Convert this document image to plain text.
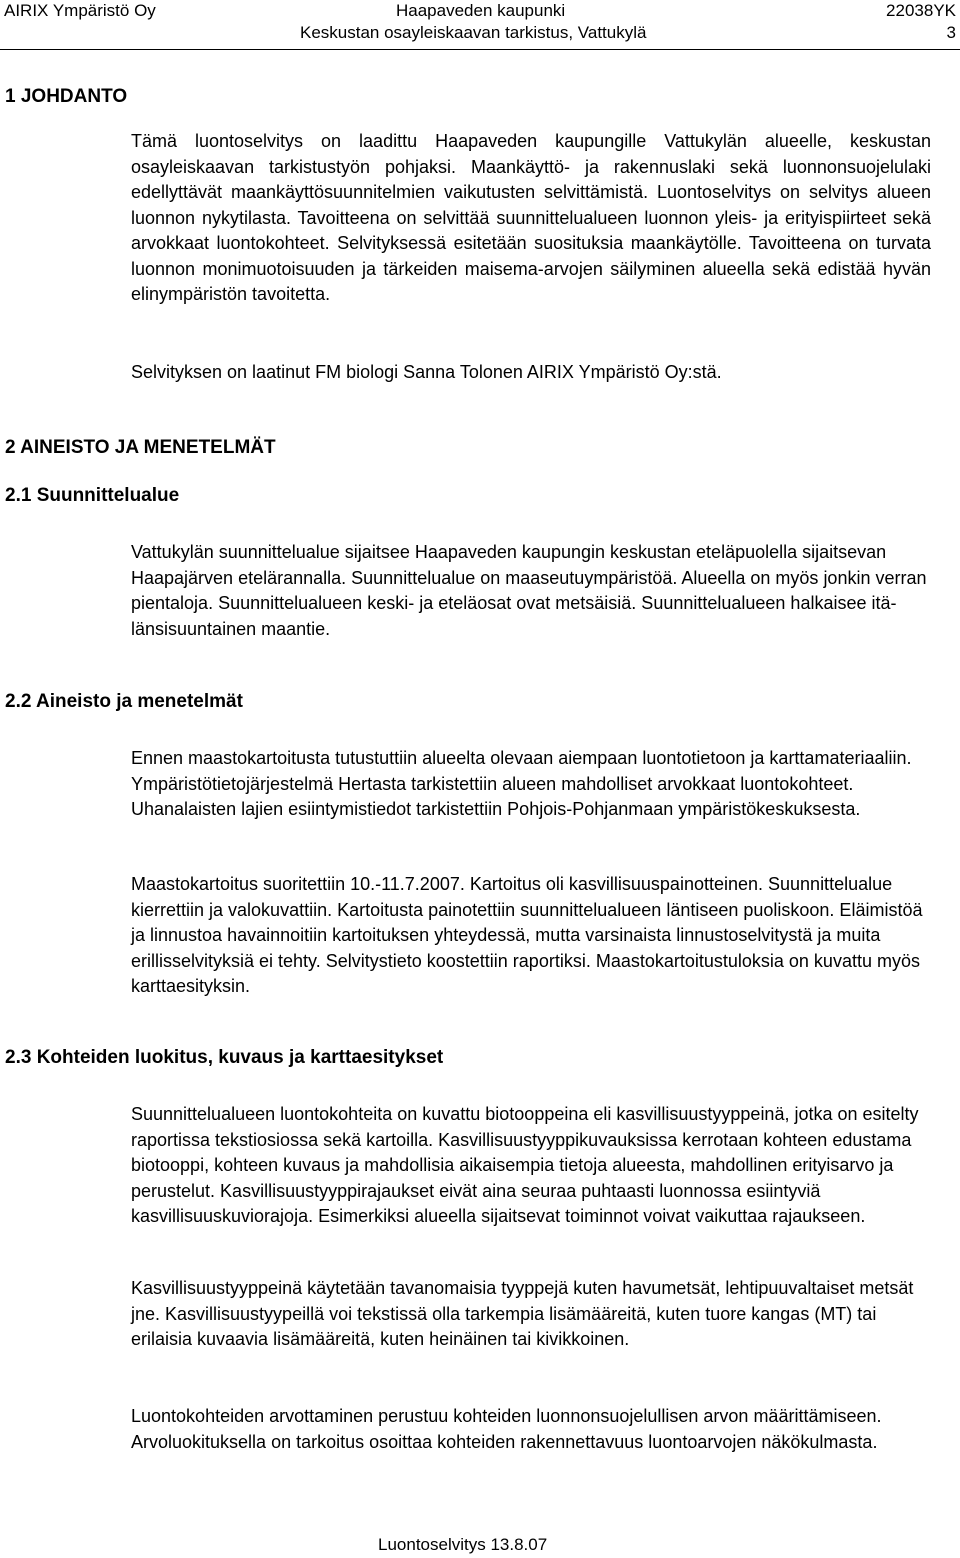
AIRIX Ympäristö Oy	Haapaveden kaupunki
Keskustan osayleiskaavan tarkistus, Vattukylä
22038YK
3
1 JOHDANTO

Tämä luontoselvitys on laadittu Haapaveden kaupungille Vattukylän alueelle, keskustan osayleiskaavan tarkistustyön pohjaksi. Maankäyttö- ja rakennuslaki sekä luonnonsuojelulaki edellyttävät maankäyttösuunnitelmien vaikutusten selvittämistä. Luontoselvitys on selvitys alueen luonnon nykytilasta. Tavoitteena on selvittää suunnittelualueen luonnon yleis- ja erityispiirteet sekä arvokkaat luontokohteet. Selvityksessä esitetään suosituksia maankäytölle. Tavoitteena on turvata luonnon monimuotoisuuden ja tärkeiden maisema-arvojen säilyminen alueella sekä edistää hyvän elinympäristön tavoitetta.

Selvityksen on laatinut FM biologi Sanna Tolonen AIRIX Ympäristö Oy:stä.

2 AINEISTO JA MENETELMÄT
2.1 Suunnittelualue

Vattukylän suunnittelualue sijaitsee Haapaveden kaupungin keskustan eteläpuolella sijaitsevan Haapajärven etelärannalla. Suunnittelualue on maaseutuympäristöä. Alueella on myös jonkin verran pientaloja. Suunnittelualueen keski- ja eteläosat ovat metsäisiä. Suunnittelualueen halkaisee itä-länsisuuntainen maantie.

2.2 Aineisto ja menetelmät

Ennen maastokartoitusta tutustuttiin alueelta olevaan aiempaan luontotietoon ja karttamateriaaliin. Ympäristötietojärjestelmä Hertasta tarkistettiin alueen mahdolliset arvokkaat luontokohteet. Uhanalaisten lajien esiintymistiedot tarkistettiin Pohjois-Pohjanmaan ympäristökeskuksesta.

Maastokartoitus suoritettiin 10.-11.7.2007. Kartoitus oli kasvillisuuspainotteinen. Suunnittelualue kierrettiin ja valokuvattiin. Kartoitusta painotettiin suunnittelualueen läntiseen puoliskoon. Eläimistöä ja linnustoa havainnoitiin kartoituksen yhteydessä, mutta varsinaista linnustoselvitystä ja muita erillisselvityksiä ei tehty. Selvitystieto koostettiin raportiksi. Maastokartoitustuloksia on kuvattu myös karttaesityksin.

2.3 Kohteiden luokitus, kuvaus ja karttaesitykset

Suunnittelualueen luontokohteita on kuvattu biotooppeina eli kasvillisuustyyppeinä, jotka on esitelty raportissa tekstiosiossa sekä kartoilla. Kasvillisuustyyppikuvauksissa kerrotaan kohteen edustama biotooppi, kohteen kuvaus ja mahdollisia aikaisempia tietoja alueesta, mahdollinen erityisarvo ja perustelut. Kasvillisuustyyppirajaukset eivät aina seuraa puhtaasti luonnossa esiintyviä kasvillisuuskuviorajoja. Esimerkiksi alueella sijaitsevat toiminnot voivat vaikuttaa rajaukseen.

Kasvillisuustyyppeinä käytetään tavanomaisia tyyppejä kuten havumetsät, lehtipuuvaltaiset metsät jne. Kasvillisuustyypeillä voi tekstissä olla tarkempia lisämääreitä, kuten tuore kangas (MT) tai erilaisia kuvaavia lisämääreitä, kuten heinäinen tai kivikkoinen.

Luontokohteiden arvottaminen perustuu kohteiden luonnonsuojelullisen arvon määrittämiseen. Arvoluokituksella on tarkoitus osoittaa kohteiden rakennettavuus luontoarvojen näkökulmasta.

Luontoselvitys 13.8.07
